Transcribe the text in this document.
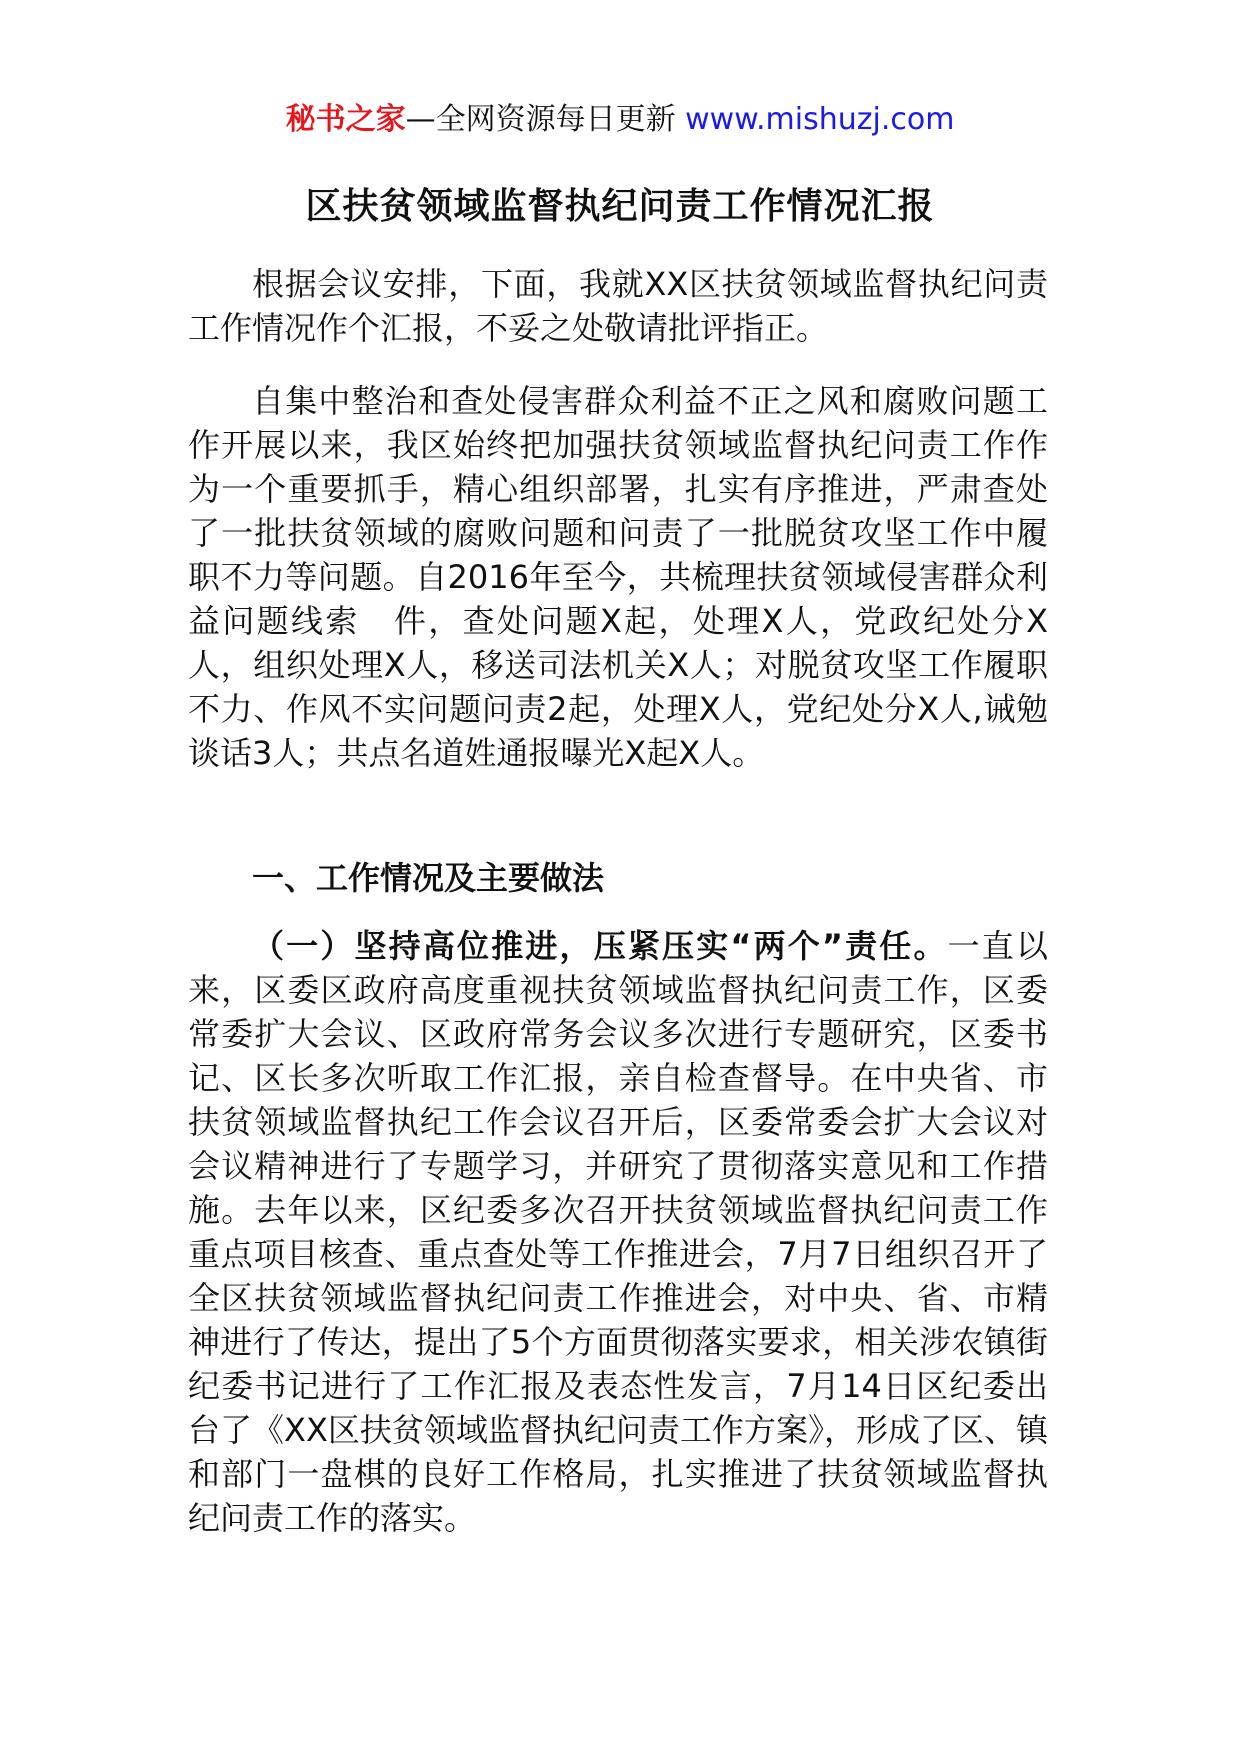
秘书之家—全网资源每日更新 www.mishuzj.com
区扶贫领域监督执纪问责工作情况汇报
根据会议安排，下面，我就XX区扶贫领域监督执纪问责工作情况作个汇报，不妥之处敬请批评指正。
自集中整治和查处侵害群众利益不正之风和腐败问题工作开展以来，我区始终把加强扶贫领域监督执纪问责工作作为一个重要抓手，精心组织部署，扎实有序推进，严肃查处了一批扶贫领域的腐败问题和问责了一批脱贫攻坚工作中履职不力等问题。自2016年至今，共梳理扶贫领域侵害群众利益问题线索　件，查处问题X起，处理X人，党政纪处分X人，组织处理X人，移送司法机关X人；对脱贫攻坚工作履职不力、作风不实问题问责2起，处理X人，党纪处分X人,诫勉谈话3人；共点名道姓通报曝光X起X人。
一、工作情况及主要做法
（一）坚持高位推进，压紧压实“两个”责任。一直以来，区委区政府高度重视扶贫领域监督执纪问责工作，区委常委扩大会议、区政府常务会议多次进行专题研究，区委书记、区长多次听取工作汇报，亲自检查督导。在中央省、市扶贫领域监督执纪工作会议召开后，区委常委会扩大会议对会议精神进行了专题学习，并研究了贯彻落实意见和工作措施。去年以来，区纪委多次召开扶贫领域监督执纪问责工作重点项目核查、重点查处等工作推进会，7月7日组织召开了全区扶贫领域监督执纪问责工作推进会，对中央、省、市精神进行了传达，提出了5个方面贯彻落实要求，相关涉农镇街纪委书记进行了工作汇报及表态性发言，7月14日区纪委出台了《XX区扶贫领域监督执纪问责工作方案》，形成了区、镇和部门一盘棋的良好工作格局，扎实推进了扶贫领域监督执纪问责工作的落实。
